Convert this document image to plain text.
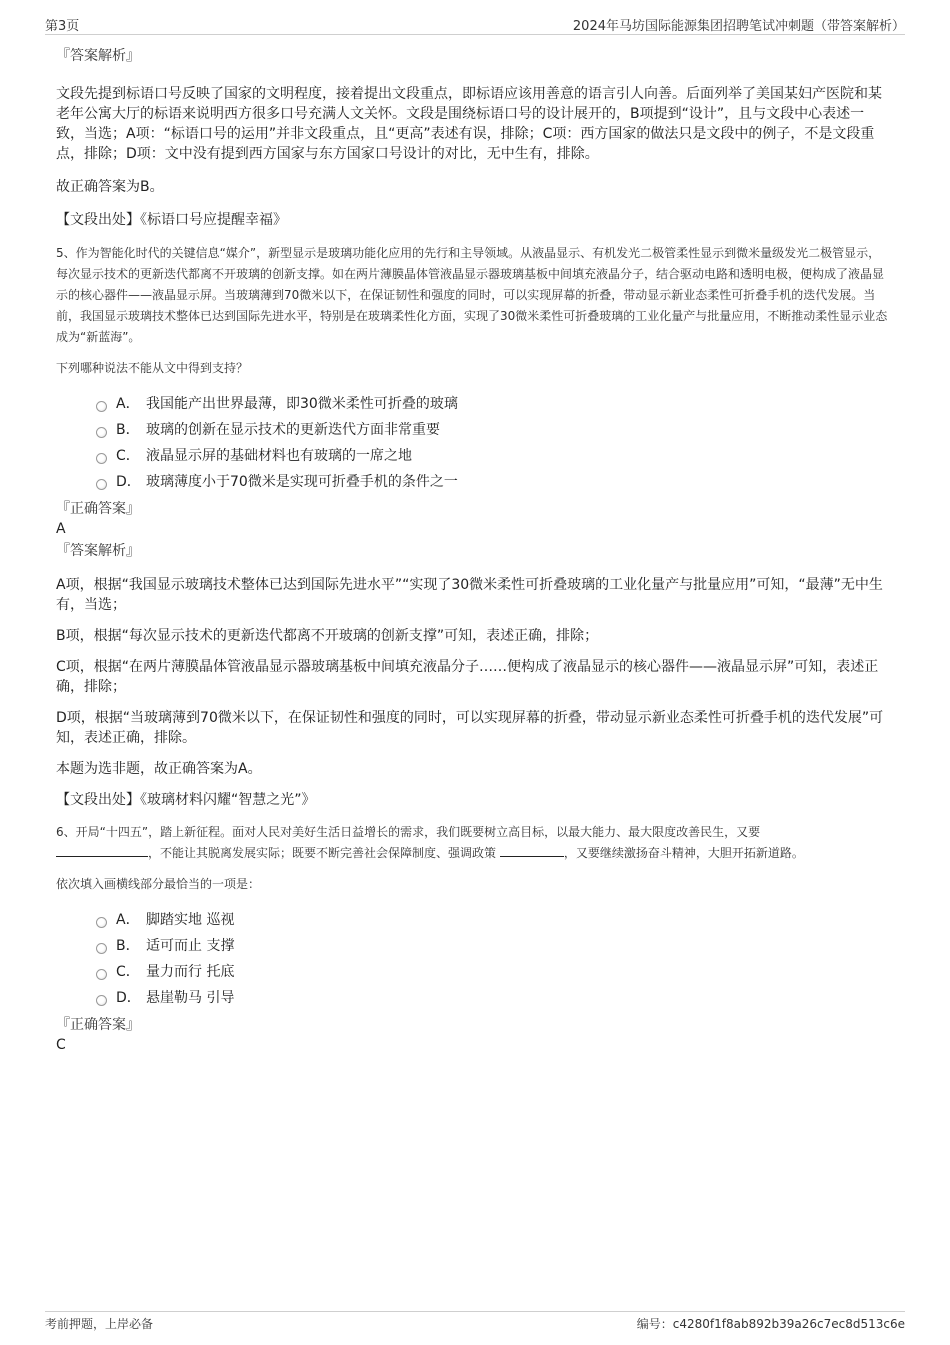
第3页	2024年马坊国际能源集团招聘笔试冲刺题（带答案解析）

『答案解析』

文段先提到标语口号反映了国家的文明程度，接着提出文段重点，即标语应该用善意的语言引人向善。后面列举了美国某妇产医院和某老年公寓大厅的标语来说明西方很多口号充满人文关怀。文段是围绕标语口号的设计展开的，B项提到“设计”，且与文段中心表述一致，当选；A项：“标语口号的运用”并非文段重点，且“更高”表述有误，排除；C项：西方国家的做法只是文段中的例子，不是文段重点，排除；D项：文中没有提到西方国家与东方国家口号设计的对比，无中生有，排除。

故正确答案为B。

【文段出处】《标语口号应提醒幸福》

5、作为智能化时代的关键信息“媒介”，新型显示是玻璃功能化应用的先行和主导领域。从液晶显示、有机发光二极管柔性显示到微米量级发光二极管显示，每次显示技术的更新迭代都离不开玻璃的创新支撑。如在两片薄膜晶体管液晶显示器玻璃基板中间填充液晶分子，结合驱动电路和透明电极，便构成了液晶显示的核心器件——液晶显示屏。当玻璃薄到70微米以下，在保证韧性和强度的同时，可以实现屏幕的折叠，带动显示新业态柔性可折叠手机的迭代发展。当前，我国显示玻璃技术整体已达到国际先进水平，特别是在玻璃柔性化方面，实现了30微米柔性可折叠玻璃的工业化量产与批量应用，不断推动柔性显示业态成为“新蓝海”。

下列哪种说法不能从文中得到支持？

A． 我国能产出世界最薄，即30微米柔性可折叠的玻璃
B． 玻璃的创新在显示技术的更新迭代方面非常重要
C． 液晶显示屏的基础材料也有玻璃的一席之地
D． 玻璃薄度小于70微米是实现可折叠手机的条件之一

『正确答案』

A

『答案解析』

A项，根据“我国显示玻璃技术整体已达到国际先进水平”“实现了30微米柔性可折叠玻璃的工业化量产与批量应用”可知，“最薄”无中生有，当选；

B项，根据“每次显示技术的更新迭代都离不开玻璃的创新支撑”可知，表述正确，排除；

C项，根据“在两片薄膜晶体管液晶显示器玻璃基板中间填充液晶分子……便构成了液晶显示的核心器件——液晶显示屏”可知，表述正确，排除；

D项，根据“当玻璃薄到70微米以下，在保证韧性和强度的同时，可以实现屏幕的折叠，带动显示新业态柔性可折叠手机的迭代发展”可知，表述正确，排除。

本题为选非题，故正确答案为A。

【文段出处】《玻璃材料闪耀“智慧之光”》

6、开局“十四五”，踏上新征程。面对人民对美好生活日益增长的需求，我们既要树立高目标，以最大能力、最大限度改善民生，又要
，不能让其脱离发展实际；既要不断完善社会保障制度、强调政策	，又要继续激扬奋斗精神，大胆开拓新道路。

依次填入画横线部分最恰当的一项是：

A． 脚踏实地 巡视
B． 适可而止 支撑
C． 量力而行 托底
D． 悬崖勒马 引导

『正确答案』

C

考前押题，上岸必备	编号：c4280f1f8ab892b39a26c7ec8d513c6e
